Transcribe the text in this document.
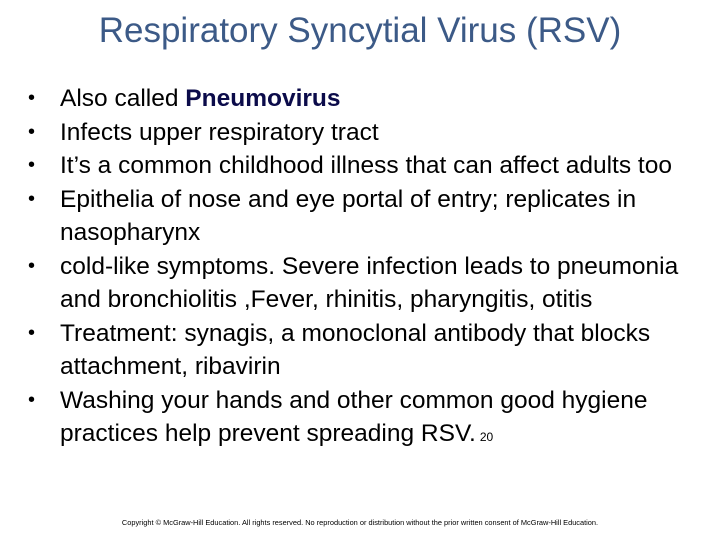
Respiratory Syncytial Virus (RSV)
• Also called Pneumovirus
• Infects upper respiratory tract
• It’s a common childhood illness that can affect adults too
• Epithelia of nose and eye portal of entry; replicates in nasopharynx
• cold-like symptoms. Severe infection leads to pneumonia and bronchiolitis ,Fever, rhinitis, pharyngitis, otitis
• Treatment: synagis, a monoclonal antibody that blocks attachment, ribavirin
• Washing your hands and other common good hygiene practices help prevent spreading RSV. 20
Copyright © McGraw-Hill Education. All rights reserved. No reproduction or distribution without the prior written consent of McGraw-Hill Education.
